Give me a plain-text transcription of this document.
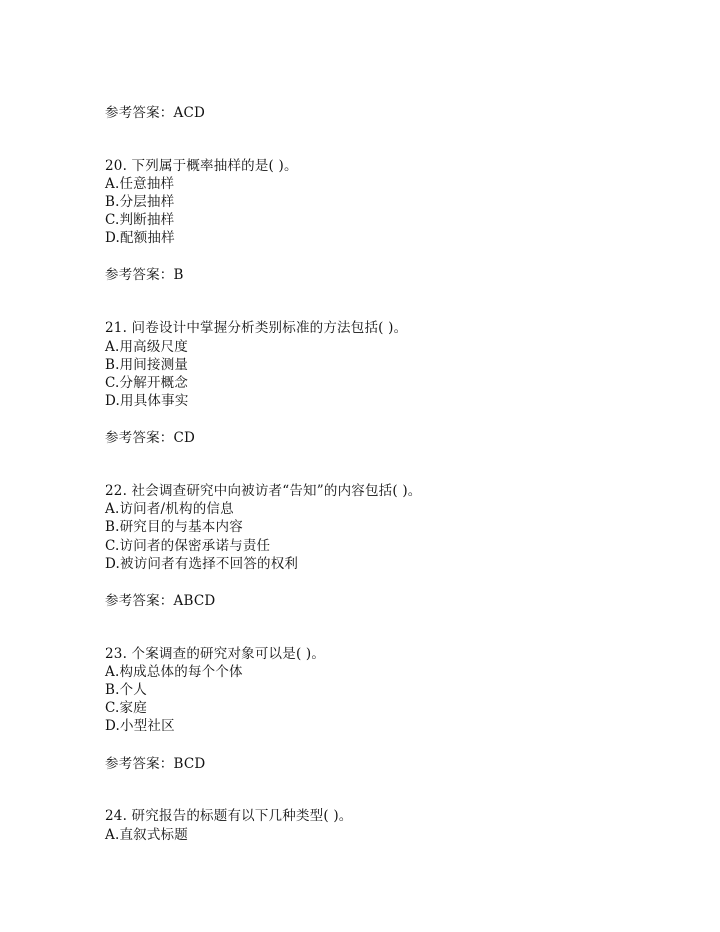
参考答案：ACD
20. 下列属于概率抽样的是( )。
A.任意抽样
B.分层抽样
C.判断抽样
D.配额抽样
参考答案：B
21. 问卷设计中掌握分析类别标准的方法包括( )。
A.用高级尺度
B.用间接测量
C.分解开概念
D.用具体事实
参考答案：CD
22. 社会调查研究中向被访者“告知”的内容包括( )。
A.访问者/机构的信息
B.研究目的与基本内容
C.访问者的保密承诺与责任
D.被访问者有选择不回答的权利
参考答案：ABCD
23. 个案调查的研究对象可以是( )。
A.构成总体的每个个体
B.个人
C.家庭
D.小型社区
参考答案：BCD
24. 研究报告的标题有以下几种类型( )。
A.直叙式标题
